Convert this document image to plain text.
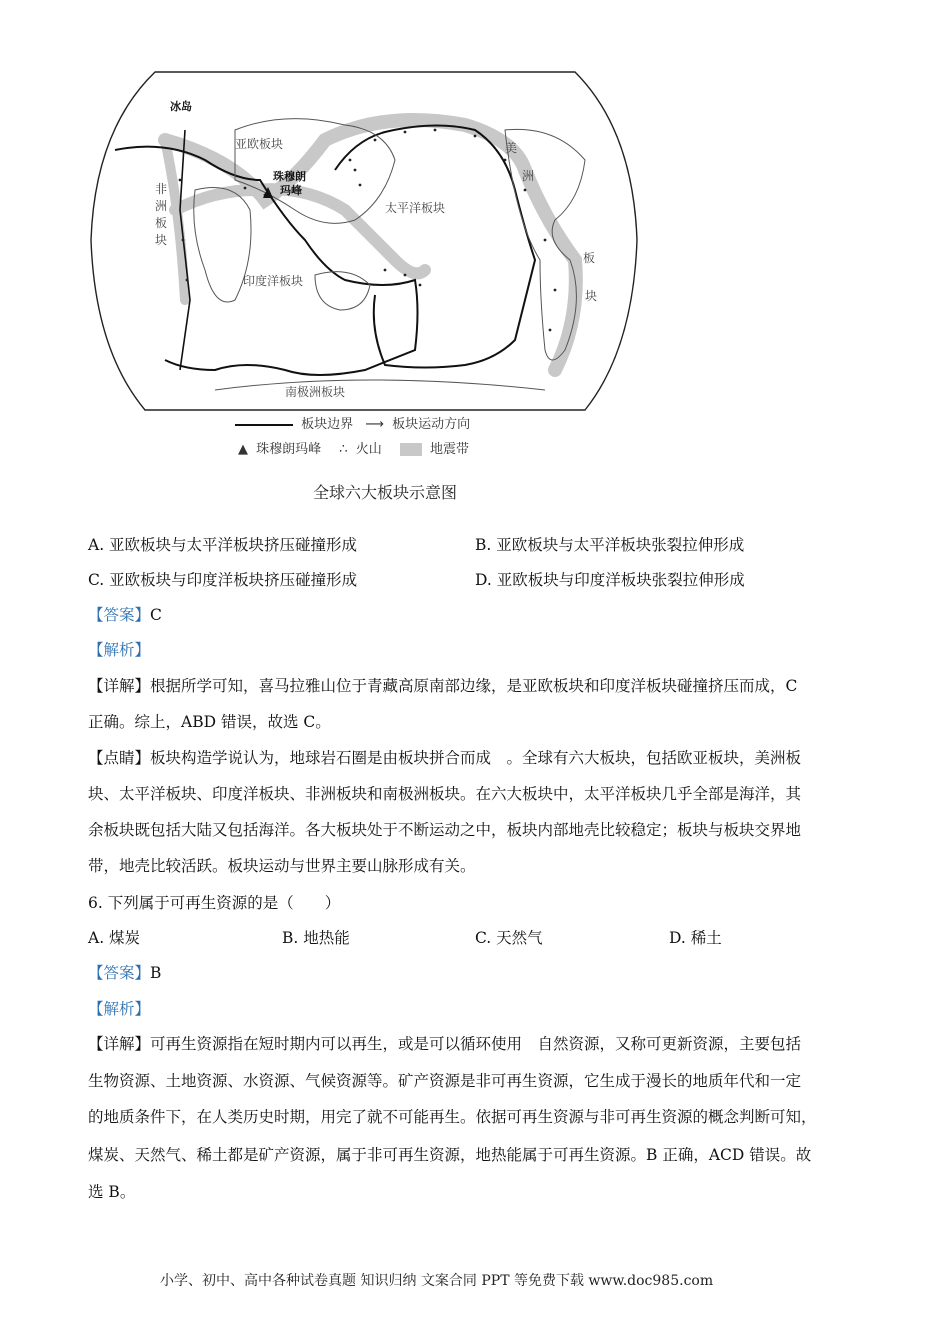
冰岛
亚欧板块
珠穆朗
玛峰
太平洋板块
非
洲
板
块
美
洲
板
块
印度洋板块
南极洲板块
板块边界 ⟶ 板块运动方向
▲ 珠穆朗玛峰 ∴ 火山	地震带
全球六大板块示意图
A. 亚欧板块与太平洋板块挤压碰撞形成	B. 亚欧板块与太平洋板块张裂拉伸形成
C. 亚欧板块与印度洋板块挤压碰撞形成	D. 亚欧板块与印度洋板块张裂拉伸形成
【答案】C
【解析】
【详解】根据所学可知，喜马拉雅山位于青藏高原南部边缘，是亚欧板块和印度洋板块碰撞挤压而成，C
正确。综上，ABD 错误，故选 C。
【点睛】板块构造学说认为，地球岩石圈是由板块拼合而成　。全球有六大板块，包括欧亚板块，美洲板
块、太平洋板块、印度洋板块、非洲板块和南极洲板块。在六大板块中，太平洋板块几乎全部是海洋，其
余板块既包括大陆又包括海洋。各大板块处于不断运动之中，板块内部地壳比较稳定；板块与板块交界地
带，地壳比较活跃。板块运动与世界主要山脉形成有关。
6. 下列属于可再生资源的是（　　）
A. 煤炭	B. 地热能	C. 天然气	D. 稀土
【答案】B
【解析】
【详解】可再生资源指在短时期内可以再生，或是可以循环使用　自然资源，又称可更新资源，主要包括
生物资源、土地资源、水资源、气候资源等。矿产资源是非可再生资源，它生成于漫长的地质年代和一定
的地质条件下，在人类历史时期，用完了就不可能再生。依据可再生资源与非可再生资源的概念判断可知，
煤炭、天然气、稀土都是矿产资源，属于非可再生资源，地热能属于可再生资源。B 正确，ACD 错误。故
选 B。
小学、初中、高中各种试卷真题 知识归纳 文案合同 PPT 等免费下载 www.doc985.com
